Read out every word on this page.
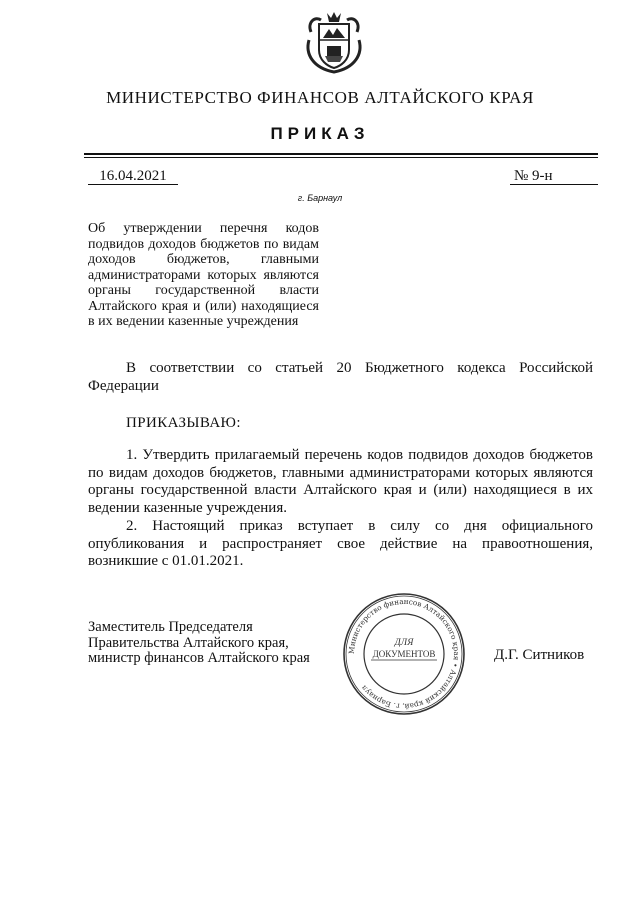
МИНИСТЕРСТВО ФИНАНСОВ АЛТАЙСКОГО КРАЯ
ПРИКАЗ
16.04.2021	№ 9-н
г. Барнаул
Об утверждении перечня кодов подвидов доходов бюджетов по видам доходов бюджетов, главными администраторами которых являются органы государственной власти Алтайского края и (или) находящиеся в их ведении казенные учреждения
В соответствии со статьей 20 Бюджетного кодекса Российской Федерации
ПРИКАЗЫВАЮ:
1. Утвердить прилагаемый перечень кодов подвидов доходов бюджетов по видам доходов бюджетов, главными администраторами которых являются органы государственной власти Алтайского края и (или) находящиеся в их ведении казенные учреждения.
2. Настоящий приказ вступает в силу со дня официального опубликования и распространяет свое действие на правоотношения, возникшие с 01.01.2021.
Заместитель Председателя
Правительства Алтайского края,
министр финансов Алтайского края	Д.Г. Ситников
Министерство финансов Алтайского края • Алтайский край, г. Барнаул
ДЛЯ
ДОКУМЕНТОВ
